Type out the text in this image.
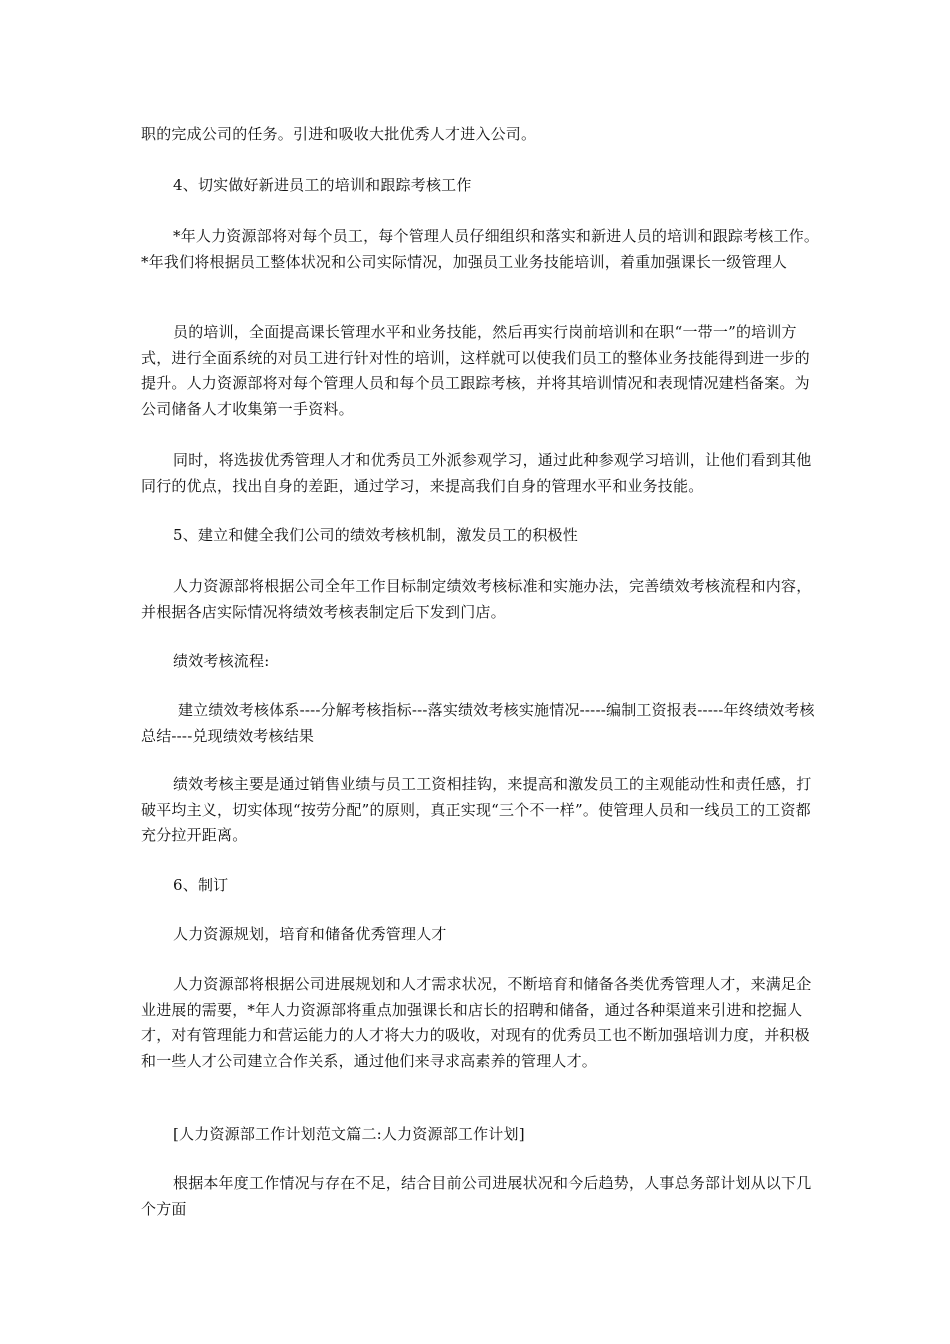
职的完成公司的任务。引进和吸收大批优秀人才进入公司。

4、切实做好新进员工的培训和跟踪考核工作

*年人力资源部将对每个员工，每个管理人员仔细组织和落实和新进人员的培训和跟踪考核工作。*年我们将根据员工整体状况和公司实际情况，加强员工业务技能培训，着重加强课长一级管理人

员的培训，全面提高课长管理水平和业务技能，然后再实行岗前培训和在职“一带一”的培训方式，进行全面系统的对员工进行针对性的培训，这样就可以使我们员工的整体业务技能得到进一步的提升。人力资源部将对每个管理人员和每个员工跟踪考核，并将其培训情况和表现情况建档备案。为公司储备人才收集第一手资料。

同时，将选拔优秀管理人才和优秀员工外派参观学习，通过此种参观学习培训，让他们看到其他同行的优点，找出自身的差距，通过学习，来提高我们自身的管理水平和业务技能。

5、建立和健全我们公司的绩效考核机制，激发员工的积极性

人力资源部将根据公司全年工作目标制定绩效考核标准和实施办法，完善绩效考核流程和内容，并根据各店实际情况将绩效考核表制定后下发到门店。

绩效考核流程:

建立绩效考核体系----分解考核指标---落实绩效考核实施情况-----编制工资报表-----年终绩效考核总结----兑现绩效考核结果

绩效考核主要是通过销售业绩与员工工资相挂钩，来提高和激发员工的主观能动性和责任感，打破平均主义，切实体现“按劳分配”的原则，真正实现“三个不一样”。使管理人员和一线员工的工资都充分拉开距离。

6、制订

人力资源规划，培育和储备优秀管理人才

人力资源部将根据公司进展规划和人才需求状况，不断培育和储备各类优秀管理人才，来满足企业进展的需要，*年人力资源部将重点加强课长和店长的招聘和储备，通过各种渠道来引进和挖掘人才，对有管理能力和营运能力的人才将大力的吸收，对现有的优秀员工也不断加强培训力度，并积极和一些人才公司建立合作关系，通过他们来寻求高素养的管理人才。

[人力资源部工作计划范文篇二:人力资源部工作计划]

根据本年度工作情况与存在不足，结合目前公司进展状况和今后趋势，人事总务部计划从以下几个方面
